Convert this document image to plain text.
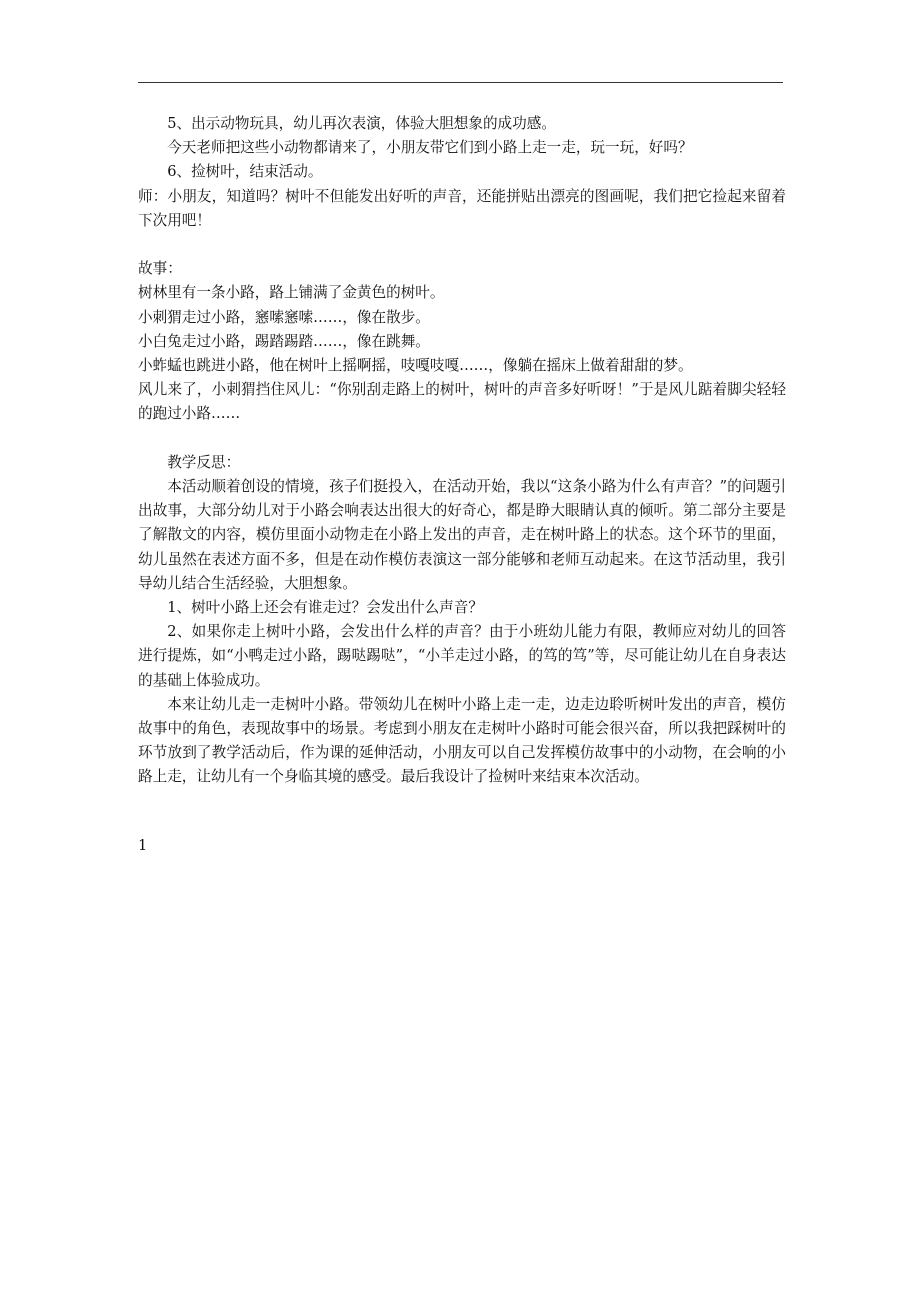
5、出示动物玩具，幼儿再次表演，体验大胆想象的成功感。

今天老师把这些小动物都请来了，小朋友带它们到小路上走一走，玩一玩，好吗？

6、捡树叶，结束活动。

师：小朋友，知道吗？树叶不但能发出好听的声音，还能拼贴出漂亮的图画呢，我们把它捡起来留着下次用吧！

故事：

树林里有一条小路，路上铺满了金黄色的树叶。

小刺猬走过小路，窸嗦窸嗦……，像在散步。

小白兔走过小路，踢踏踢踏……，像在跳舞。

小蚱蜢也跳进小路，他在树叶上摇啊摇，吱嘎吱嘎……，像躺在摇床上做着甜甜的梦。

风儿来了，小刺猬挡住风儿：“你别刮走路上的树叶，树叶的声音多好听呀！”于是风儿踮着脚尖轻轻的跑过小路……

教学反思：

本活动顺着创设的情境，孩子们挺投入，在活动开始，我以“这条小路为什么有声音？”的问题引出故事，大部分幼儿对于小路会响表达出很大的好奇心，都是睁大眼睛认真的倾听。第二部分主要是了解散文的内容，模仿里面小动物走在小路上发出的声音，走在树叶路上的状态。这个环节的里面，幼儿虽然在表述方面不多，但是在动作模仿表演这一部分能够和老师互动起来。在这节活动里，我引导幼儿结合生活经验，大胆想象。

1、树叶小路上还会有谁走过？会发出什么声音？

2、如果你走上树叶小路，会发出什么样的声音？由于小班幼儿能力有限，教师应对幼儿的回答进行提炼，如“小鸭走过小路，踢哒踢哒”，“小羊走过小路，的笃的笃”等，尽可能让幼儿在自身表达的基础上体验成功。

本来让幼儿走一走树叶小路。带领幼儿在树叶小路上走一走，边走边聆听树叶发出的声音，模仿故事中的角色，表现故事中的场景。考虑到小朋友在走树叶小路时可能会很兴奋，所以我把踩树叶的环节放到了教学活动后，作为课的延伸活动，小朋友可以自己发挥模仿故事中的小动物，在会响的小路上走，让幼儿有一个身临其境的感受。最后我设计了捡树叶来结束本次活动。

1
